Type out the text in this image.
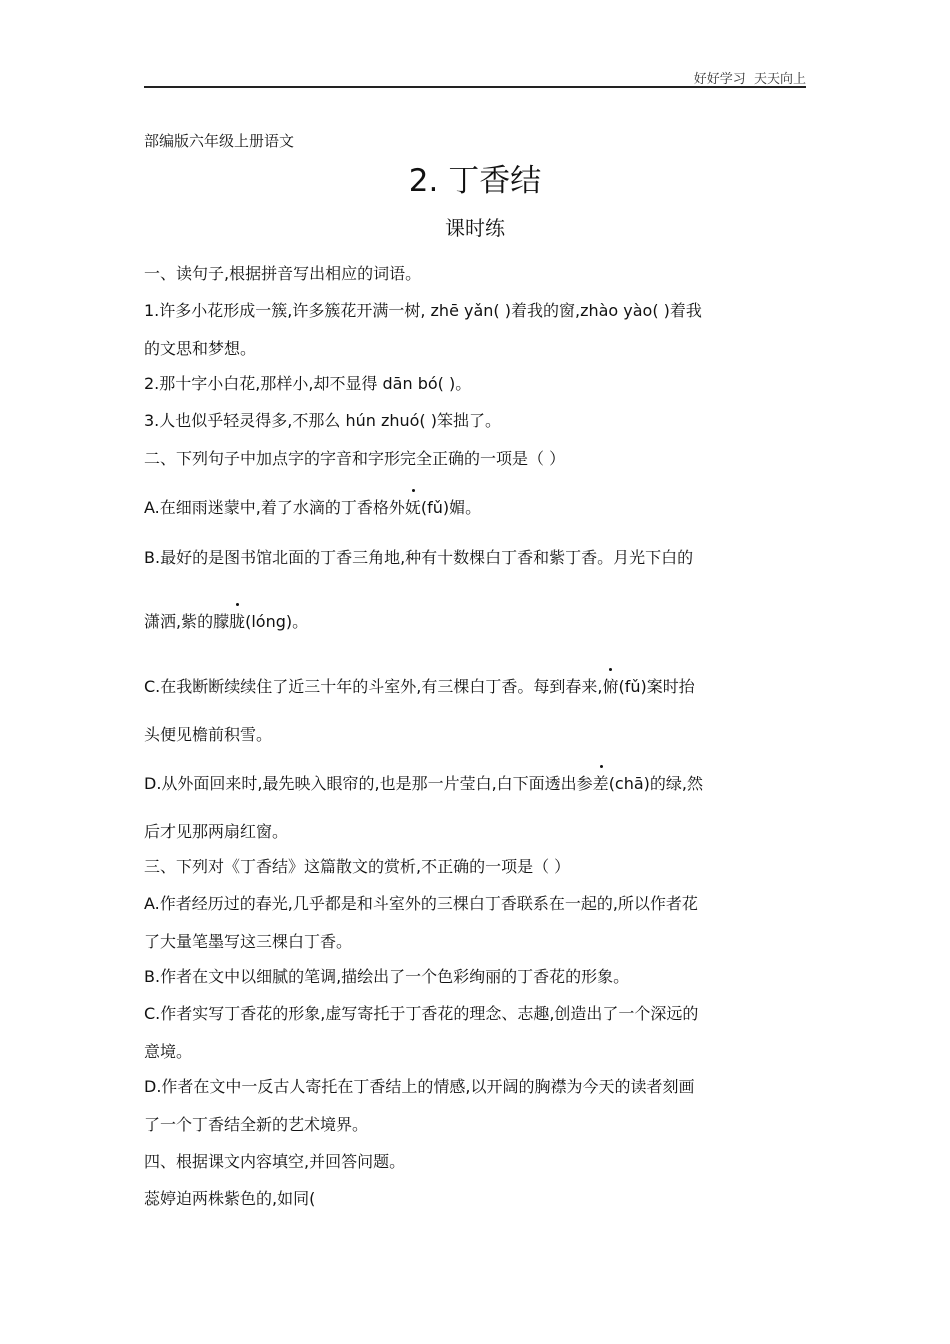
好好学习  天天向上
部编版六年级上册语文
2. 丁香结
课时练
一、读句子,根据拼音写出相应的词语。
1.许多小花形成一簇,许多簇花开满一树, zhē yǎn( )着我的窗,zhào yào( )着我
的文思和梦想。
2.那十字小白花,那样小,却不显得 dān bó( )。
3.人也似乎轻灵得多,不那么 hún zhuó( )笨拙了。
二、下列句子中加点字的字音和字形完全正确的一项是（ ）
A.在细雨迷蒙中,着了水滴的丁香格外妩(fǔ)媚。
B.最好的是图书馆北面的丁香三角地,种有十数棵白丁香和紫丁香。月光下白的
潇洒,紫的朦胧(lóng)。
C.在我断断续续住了近三十年的斗室外,有三棵白丁香。每到春来,俯(fǔ)案时抬
头便见檐前积雪。
D.从外面回来时,最先映入眼帘的,也是那一片莹白,白下面透出参差(chā)的绿,然
后才见那两扇红窗。
三、下列对《丁香结》这篇散文的赏析,不正确的一项是（ ）
A.作者经历过的春光,几乎都是和斗室外的三棵白丁香联系在一起的,所以作者花
了大量笔墨写这三棵白丁香。
B.作者在文中以细腻的笔调,描绘出了一个色彩绚丽的丁香花的形象。
C.作者实写丁香花的形象,虚写寄托于丁香花的理念、志趣,创造出了一个深远的
意境。
D.作者在文中一反古人寄托在丁香结上的情感,以开阔的胸襟为今天的读者刻画
了一个丁香结全新的艺术境界。
四、根据课文内容填空,并回答问题。
蕊婷迫两株紫色的,如同(
